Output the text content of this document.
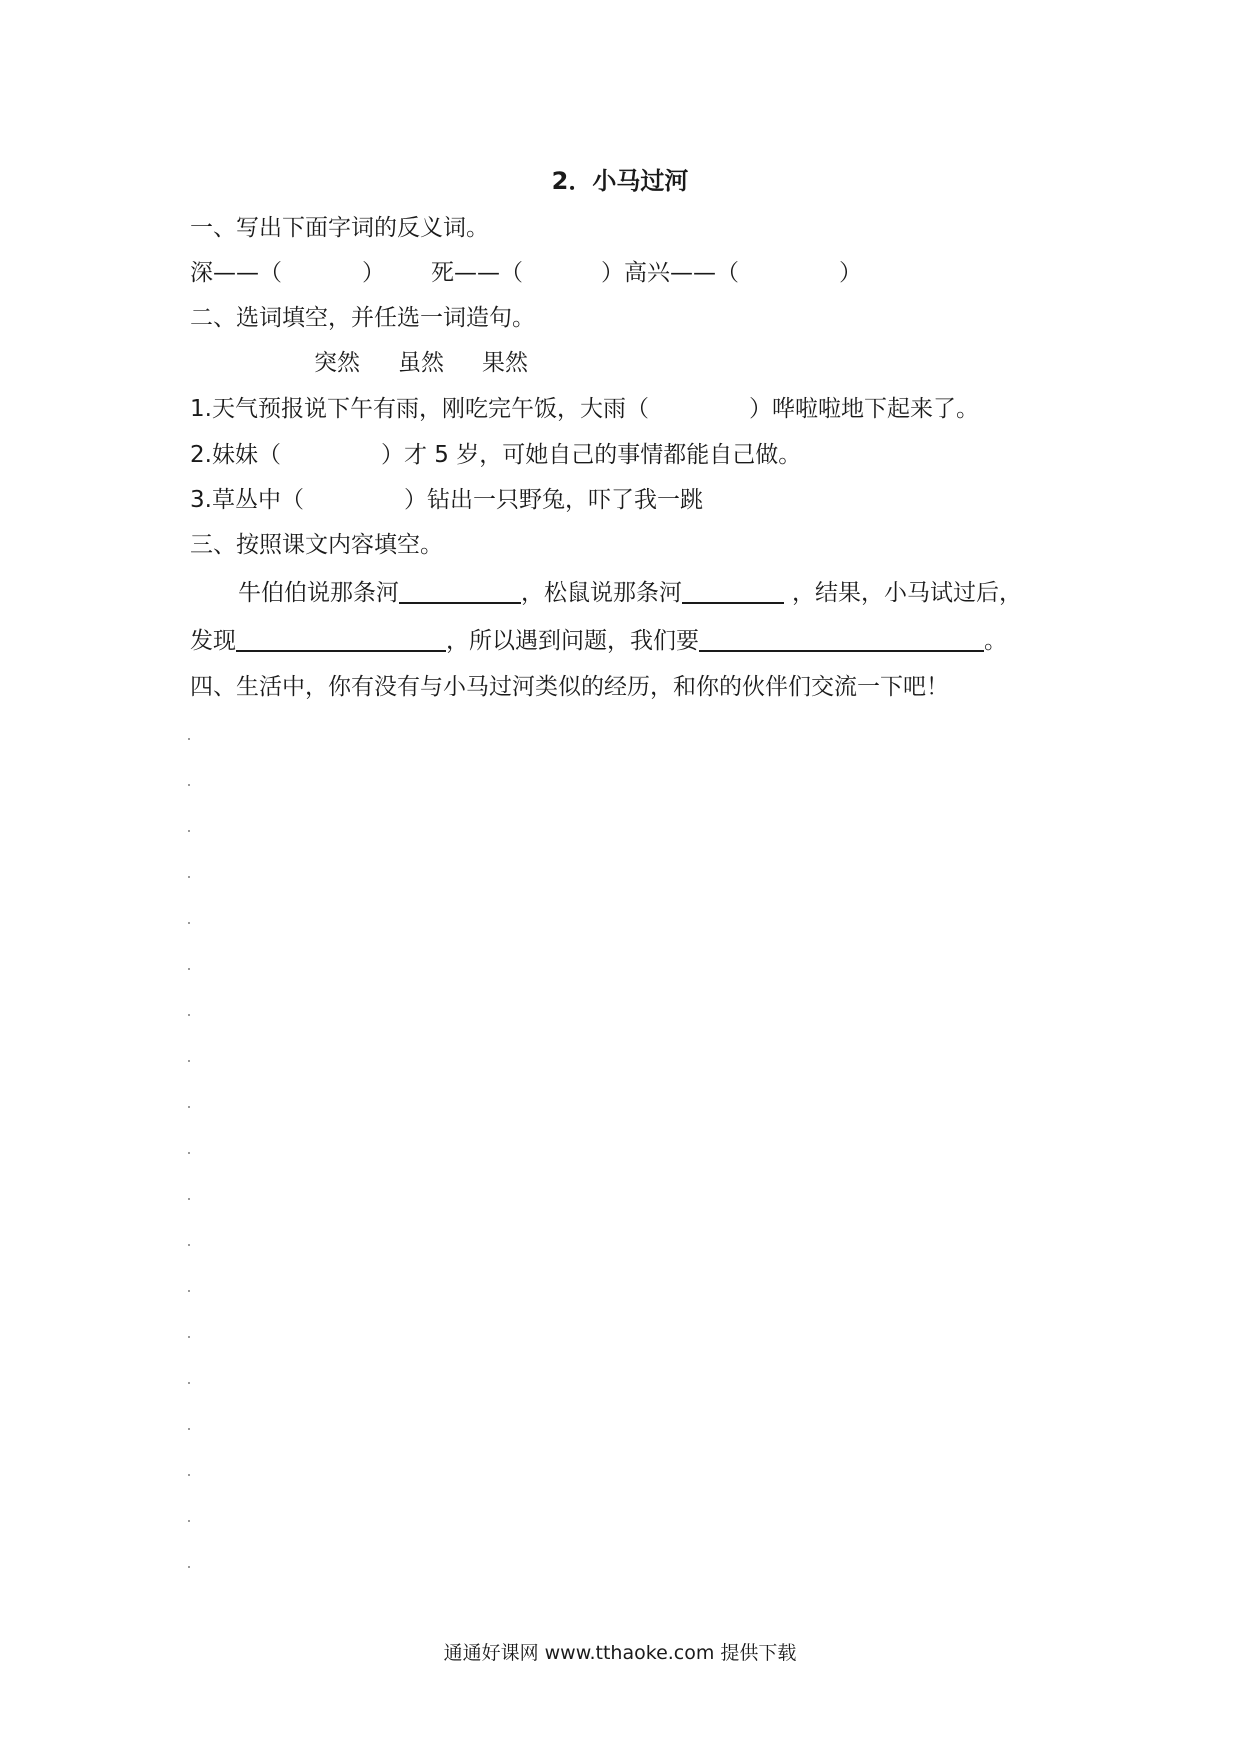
2．小马过河
一、写出下面字词的反义词。
深——（	） 死——（	）高兴——（	）
二、选词填空，并任选一词造句。
突然 虽然 果然
1.天气预报说下午有雨，刚吃完午饭，大雨（	）哗啦啦地下起来了。
2.妹妹（	）才 5 岁，可她自己的事情都能自己做。
3.草丛中（	）钻出一只野兔，吓了我一跳
三、按照课文内容填空。
牛伯伯说那条河	，松鼠说那条河	，结果，小马试过后，
发现	，所以遇到问题，我们要	。
四、生活中，你有没有与小马过河类似的经历，和你的伙伴们交流一下吧！
通通好课网 www.tthaoke.com 提供下载
